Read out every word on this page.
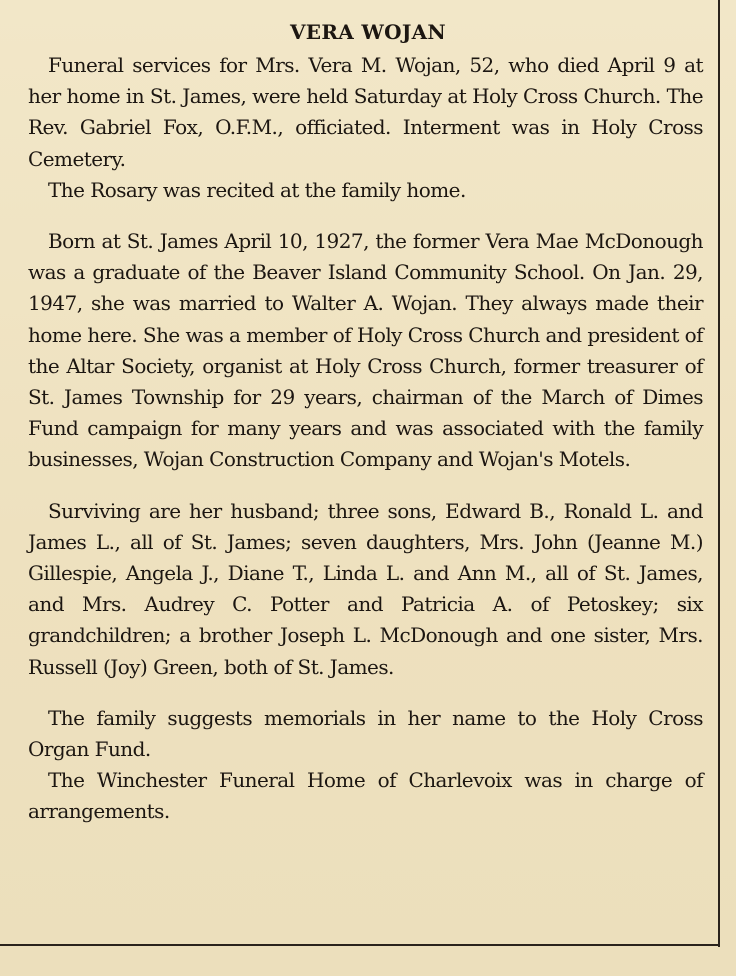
VERA WOJAN

Funeral services for Mrs. Vera M. Wojan, 52, who died April 9 at her home in St. James, were held Saturday at Holy Cross Church. The Rev. Gabriel Fox, O.F.M., officiated. Interment was in Holy Cross Cemetery.

The Rosary was recited at the family home.

Born at St. James April 10, 1927, the former Vera Mae McDonough was a graduate of the Beaver Island Community School. On Jan. 29, 1947, she was married to Walter A. Wojan. They always made their home here. She was a member of Holy Cross Church and president of the Altar Society, organist at Holy Cross Church, former treasurer of St. James Township for 29 years, chairman of the March of Dimes Fund campaign for many years and was associated with the family businesses, Wojan Construction Company and Wojan's Motels.

Surviving are her husband; three sons, Edward B., Ronald L. and James L., all of St. James; seven daughters, Mrs. John (Jeanne M.) Gillespie, Angela J., Diane T., Linda L. and Ann M., all of St. James, and Mrs. Audrey C. Potter and Patricia A. of Petoskey; six grandchildren; a brother Joseph L. McDonough and one sister, Mrs. Russell (Joy) Green, both of St. James.

The family suggests memorials in her name to the Holy Cross Organ Fund.

The Winchester Funeral Home of Charlevoix was in charge of arrangements.
